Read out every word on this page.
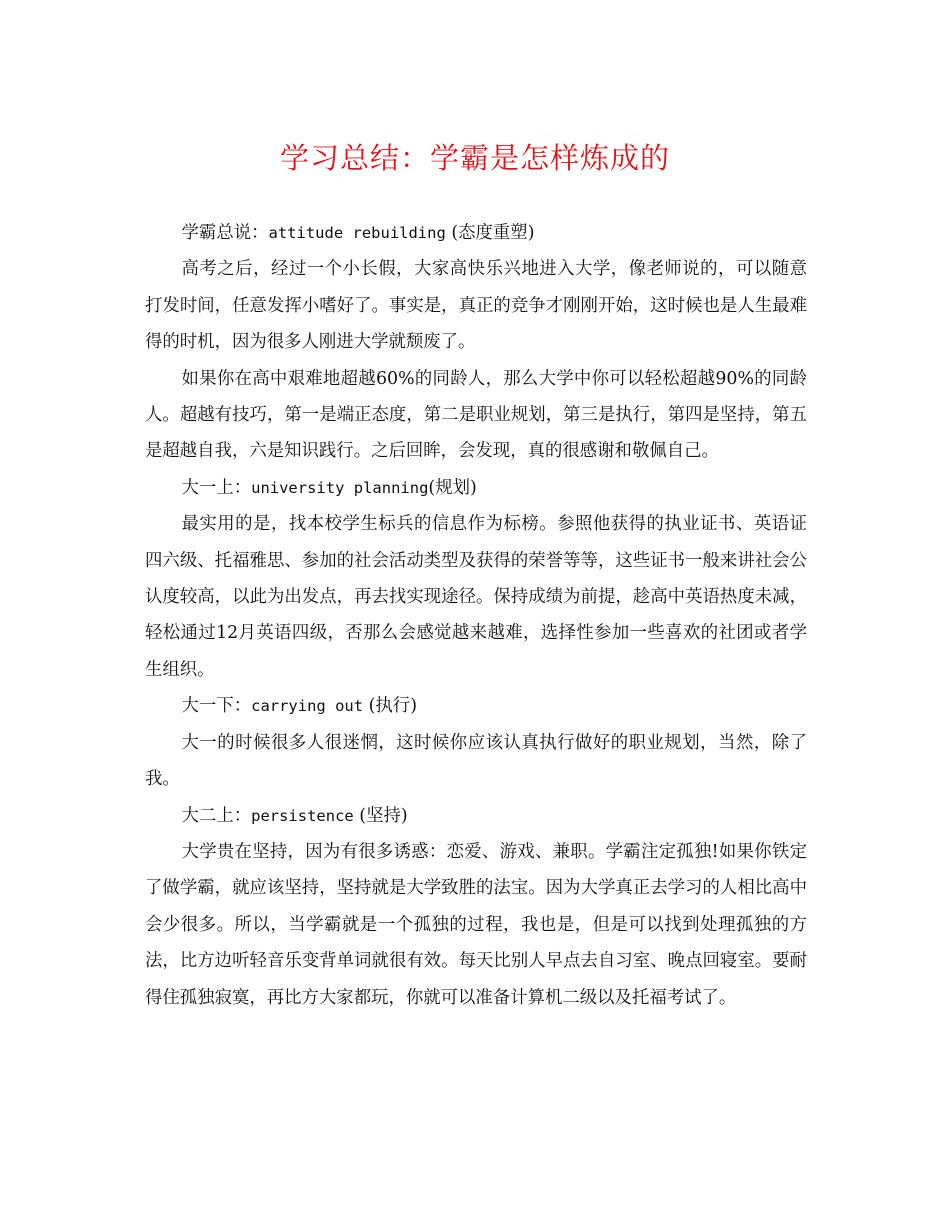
学习总结：学霸是怎样炼成的

学霸总说：attitude rebuilding (态度重塑)

高考之后，经过一个小长假，大家高快乐兴地进入大学，像老师说的，可以随意打发时间，任意发挥小嗜好了。事实是，真正的竞争才刚刚开始，这时候也是人生最难得的时机，因为很多人刚进大学就颓废了。

如果你在高中艰难地超越60%的同龄人，那么大学中你可以轻松超越90%的同龄人。超越有技巧，第一是端正态度，第二是职业规划，第三是执行，第四是坚持，第五是超越自我，六是知识践行。之后回眸，会发现，真的很感谢和敬佩自己。

大一上：university planning(规划)

最实用的是，找本校学生标兵的信息作为标榜。参照他获得的执业证书、英语证四六级、托福雅思、参加的社会活动类型及获得的荣誉等等，这些证书一般来讲社会公认度较高，以此为出发点，再去找实现途径。保持成绩为前提，趁高中英语热度未减，轻松通过12月英语四级，否那么会感觉越来越难，选择性参加一些喜欢的社团或者学生组织。

大一下：carrying out (执行)

大一的时候很多人很迷惘，这时候你应该认真执行做好的职业规划，当然，除了我。

大二上：persistence (坚持)

大学贵在坚持，因为有很多诱惑：恋爱、游戏、兼职。学霸注定孤独!如果你铁定了做学霸，就应该坚持，坚持就是大学致胜的法宝。因为大学真正去学习的人相比高中会少很多。所以，当学霸就是一个孤独的过程，我也是，但是可以找到处理孤独的方法，比方边听轻音乐变背单词就很有效。每天比别人早点去自习室、晚点回寝室。要耐得住孤独寂寞，再比方大家都玩，你就可以准备计算机二级以及托福考试了。
